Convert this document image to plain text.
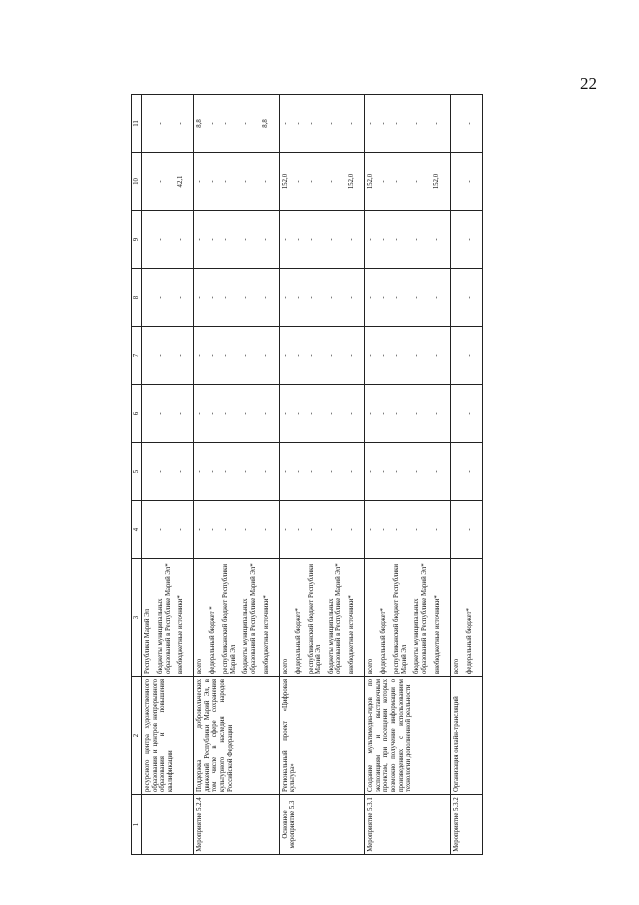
22
1	2	3	4	5	6	7	8	9	10	11
	ресурсного центра художественного образования и центров непрерывного образования и повышения квалификации	Республики Марий Эл бюджеты муниципальных образований в Республике Марий Эл* внебюджетные источники*	- -	- -	- -	- -	- -	- -	- 42,1	- -

Мероприятие 5.2.4	Поддержка добровольческих движений Республики Марий Эл, в том числе в сфере сохранения культурного наследия народов Российской Федерации	всего федеральный бюджет * республиканский бюджет Республики Марий Эл бюджеты муниципальных образований в Республике Марий Эл* внебюджетные источники*	- - - - -	- - - - -	- - - - -	- - - - -	- - - - -	- - - - -	- - - - -	8,8 - - - 8,8

Основное мероприятие 5.3	Региональный проект «Цифровая культура»	всего федеральный бюджет* республиканский бюджет Республики Марий Эл бюджеты муниципальных образований в Республике Марий Эл* внебюджетные источники*	- - - - -	- - - - -	- - - - -	- - - - -	- - - - -	- - - - -	152,0 - - - 152,0	- - - - -

Мероприятие 5.3.1	Создание мультимедиа-гидов по экспозициям и выставочным проектам, при посещении которых возможно получение информации о произведениях с использованием технологии дополненной реальности	всего федеральный бюджет* республиканский бюджет Республики Марий Эл бюджеты муниципальных образований в Республике Марий Эл* внебюджетные источники*	- - - - -	- - - - -	- - - - -	- - - - -	- - - - -	- - - - -	152,0 - - - 152,0	- - - - -

Мероприятие 5.3.2	Организация онлайн-трансляций	всего федеральный бюджет*	-	-	-	-	-	-	-	-
